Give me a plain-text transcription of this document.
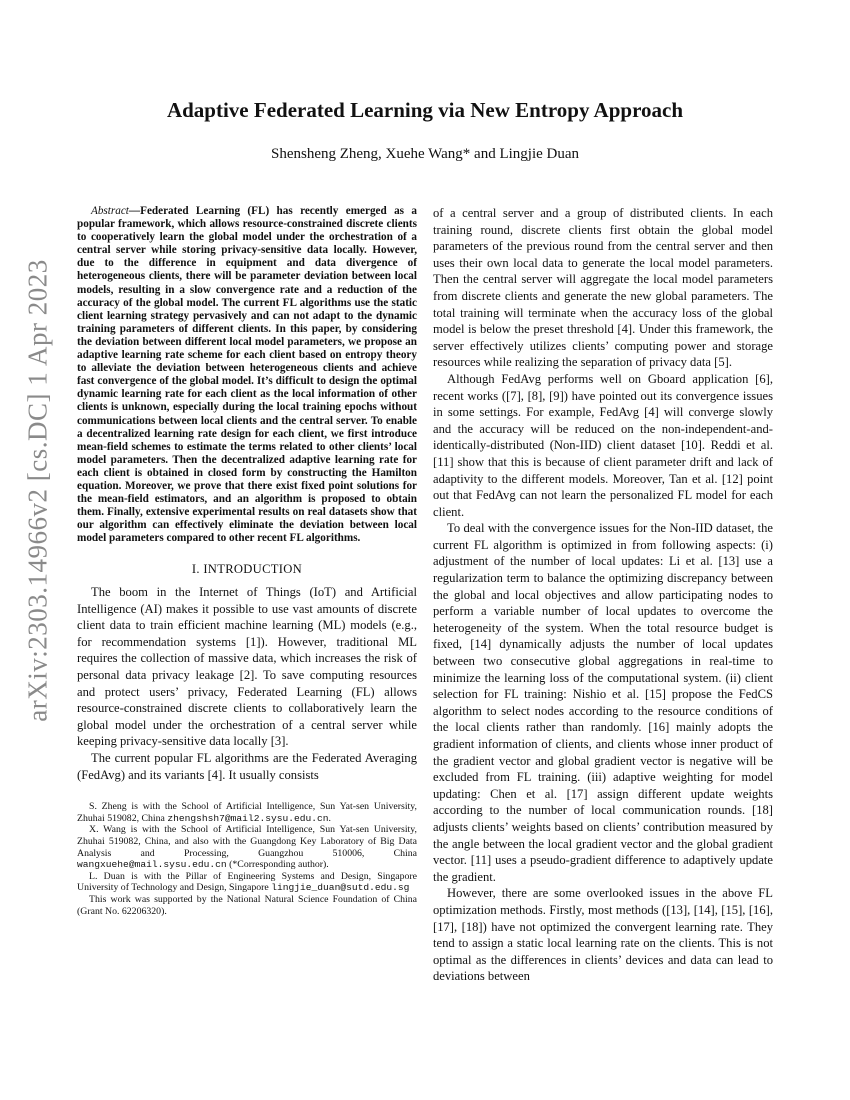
arXiv:2303.14966v2 [cs.DC] 1 Apr 2023
Adaptive Federated Learning via New Entropy Approach
Shensheng Zheng, Xuehe Wang* and Lingjie Duan

Abstract—Federated Learning (FL) has recently emerged as a popular framework, which allows resource-constrained discrete clients to cooperatively learn the global model under the orchestration of a central server while storing privacy-sensitive data locally. However, due to the difference in equipment and data divergence of heterogeneous clients, there will be parameter deviation between local models, resulting in a slow convergence rate and a reduction of the accuracy of the global model. The current FL algorithms use the static client learning strategy pervasively and can not adapt to the dynamic training parameters of different clients. In this paper, by considering the deviation between different local model parameters, we propose an adaptive learning rate scheme for each client based on entropy theory to alleviate the deviation between heterogeneous clients and achieve fast convergence of the global model. It’s difficult to design the optimal dynamic learning rate for each client as the local information of other clients is unknown, especially during the local training epochs without communications between local clients and the central server. To enable a decentralized learning rate design for each client, we first introduce mean-field schemes to estimate the terms related to other clients’ local model parameters. Then the decentralized adaptive learning rate for each client is obtained in closed form by constructing the Hamilton equation. Moreover, we prove that there exist fixed point solutions for the mean-field estimators, and an algorithm is proposed to obtain them. Finally, extensive experimental results on real datasets show that our algorithm can effectively eliminate the deviation between local model parameters compared to other recent FL algorithms.

I. INTRODUCTION

The boom in the Internet of Things (IoT) and Artificial Intelligence (AI) makes it possible to use vast amounts of discrete client data to train efficient machine learning (ML) models (e.g., for recommendation systems [1]). However, traditional ML requires the collection of massive data, which increases the risk of personal data privacy leakage [2]. To save computing resources and protect users’ privacy, Federated Learning (FL) allows resource-constrained discrete clients to collaboratively learn the global model under the orchestration of a central server while keeping privacy-sensitive data locally [3].

The current popular FL algorithms are the Federated Averaging (FedAvg) and its variants [4]. It usually consists

S. Zheng is with the School of Artificial Intelligence, Sun Yat-sen University, Zhuhai 519082, China zhengshsh7@mail2.sysu.edu.cn.

X. Wang is with the School of Artificial Intelligence, Sun Yat-sen University, Zhuhai 519082, China, and also with the Guangdong Key Laboratory of Big Data Analysis and Processing, Guangzhou 510006, China wangxuehe@mail.sysu.edu.cn (*Corresponding author).

L. Duan is with the Pillar of Engineering Systems and Design, Singapore University of Technology and Design, Singapore lingjie_duan@sutd.edu.sg

This work was supported by the National Natural Science Foundation of China (Grant No. 62206320).

of a central server and a group of distributed clients. In each training round, discrete clients first obtain the global model parameters of the previous round from the central server and then uses their own local data to generate the local model parameters. Then the central server will aggregate the local model parameters from discrete clients and generate the new global parameters. The total training will terminate when the accuracy loss of the global model is below the preset threshold [4]. Under this framework, the server effectively utilizes clients’ computing power and storage resources while realizing the separation of privacy data [5].

Although FedAvg performs well on Gboard application [6], recent works ([7], [8], [9]) have pointed out its convergence issues in some settings. For example, FedAvg [4] will converge slowly and the accuracy will be reduced on the non-independent-and-identically-distributed (Non-IID) client dataset [10]. Reddi et al. [11] show that this is because of client parameter drift and lack of adaptivity to the different models. Moreover, Tan et al. [12] point out that FedAvg can not learn the personalized FL model for each client.

To deal with the convergence issues for the Non-IID dataset, the current FL algorithm is optimized in from following aspects: (i) adjustment of the number of local updates: Li et al. [13] use a regularization term to balance the optimizing discrepancy between the global and local objectives and allow participating nodes to perform a variable number of local updates to overcome the heterogeneity of the system. When the total resource budget is fixed, [14] dynamically adjusts the number of local updates between two consecutive global aggregations in real-time to minimize the learning loss of the computational system. (ii) client selection for FL training: Nishio et al. [15] propose the FedCS algorithm to select nodes according to the resource conditions of the local clients rather than randomly. [16] mainly adopts the gradient information of clients, and clients whose inner product of the gradient vector and global gradient vector is negative will be excluded from FL training. (iii) adaptive weighting for model updating: Chen et al. [17] assign different update weights according to the number of local communication rounds. [18] adjusts clients’ weights based on clients’ contribution measured by the angle between the local gradient vector and the global gradient vector. [11] uses a pseudo-gradient difference to adaptively update the gradient.

However, there are some overlooked issues in the above FL optimization methods. Firstly, most methods ([13], [14], [15], [16], [17], [18]) have not optimized the convergent learning rate. They tend to assign a static local learning rate on the clients. This is not optimal as the differences in clients’ devices and data can lead to deviations between
